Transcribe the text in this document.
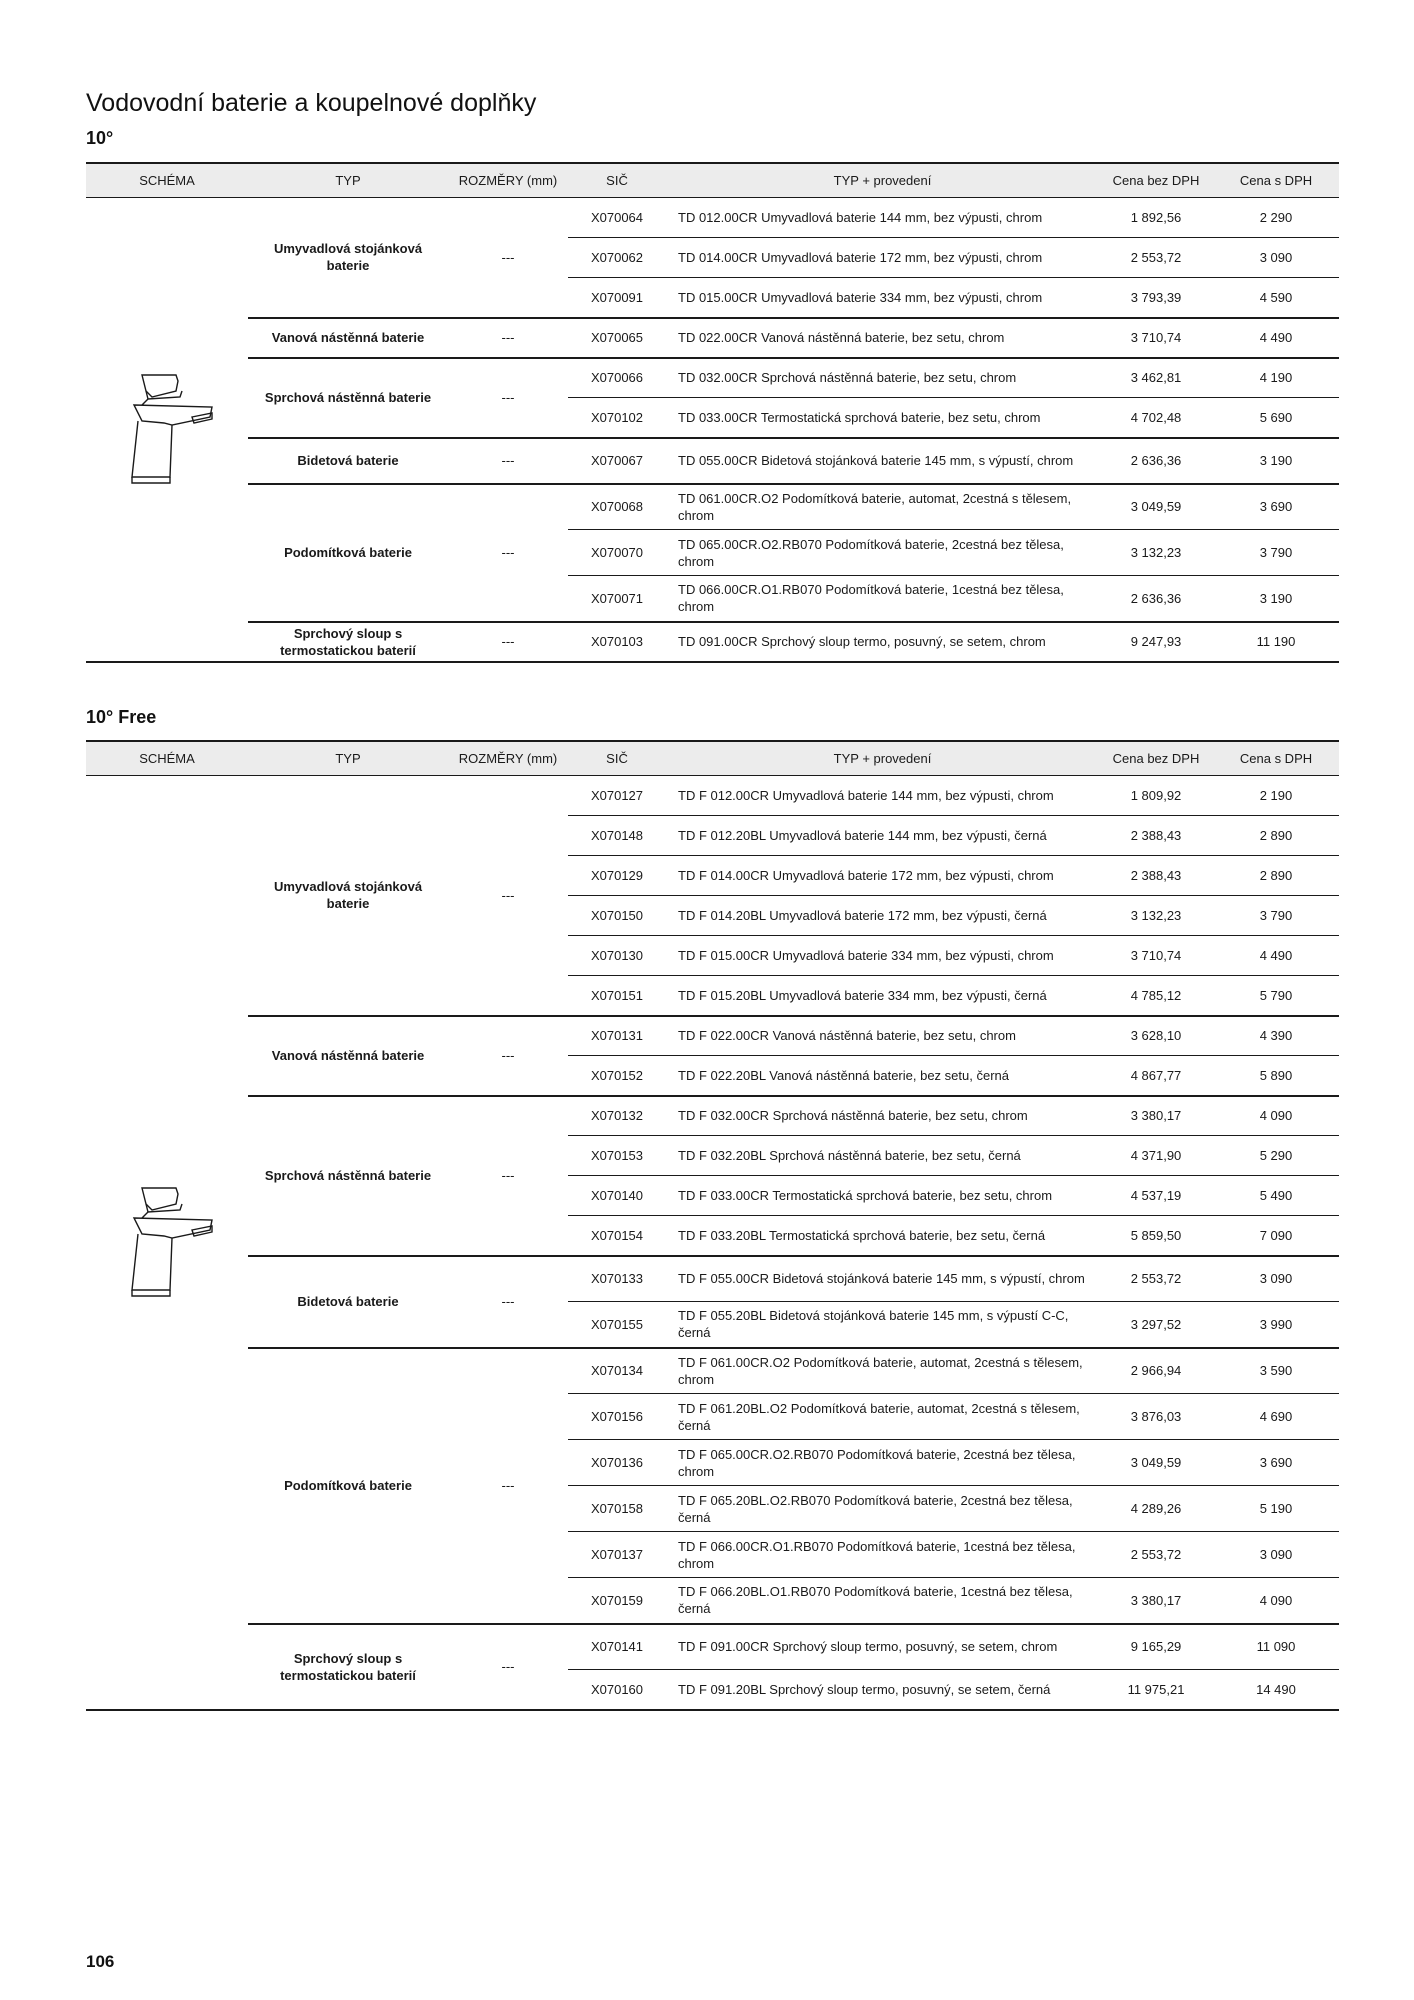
Vodovodní baterie a koupelnové doplňky
10°
SCHÉMA	TYP	ROZMĚRY (mm)	SIČ	TYP + provedení	Cena bez DPH	Cena s DPH
	Umyvadlová stojánková baterie	---	X070064	TD 012.00CR Umyvadlová baterie 144 mm, bez výpusti, chrom	1 892,56	2 290
			X070062	TD 014.00CR Umyvadlová baterie 172 mm, bez výpusti, chrom	2 553,72	3 090
			X070091	TD 015.00CR Umyvadlová baterie 334 mm, bez výpusti, chrom	3 793,39	4 590
	Vanová nástěnná baterie	---	X070065	TD 022.00CR Vanová nástěnná baterie, bez setu, chrom	3 710,74	4 490
	Sprchová nástěnná baterie	---	X070066	TD 032.00CR Sprchová nástěnná baterie, bez setu, chrom	3 462,81	4 190
			X070102	TD 033.00CR Termostatická sprchová baterie, bez setu, chrom	4 702,48	5 690
	Bidetová baterie	---	X070067	TD 055.00CR Bidetová stojánková baterie 145 mm, s výpustí, chrom	2 636,36	3 190
	Podomítková baterie	---	X070068	TD 061.00CR.O2 Podomítková baterie, automat, 2cestná s tělesem, chrom	3 049,59	3 690
			X070070	TD 065.00CR.O2.RB070 Podomítková baterie, 2cestná bez tělesa, chrom	3 132,23	3 790
			X070071	TD 066.00CR.O1.RB070 Podomítková baterie, 1cestná bez tělesa, chrom	2 636,36	3 190
	Sprchový sloup s termostatickou baterií	---	X070103	TD 091.00CR Sprchový sloup termo, posuvný, se setem, chrom	9 247,93	11 190
10° Free
SCHÉMA	TYP	ROZMĚRY (mm)	SIČ	TYP + provedení	Cena bez DPH	Cena s DPH
	Umyvadlová stojánková baterie	---	X070127	TD F 012.00CR Umyvadlová baterie 144 mm, bez výpusti, chrom	1 809,92	2 190
			X070148	TD F 012.20BL Umyvadlová baterie 144 mm, bez výpusti, černá	2 388,43	2 890
			X070129	TD F 014.00CR Umyvadlová baterie 172 mm, bez výpusti, chrom	2 388,43	2 890
			X070150	TD F 014.20BL Umyvadlová baterie 172 mm, bez výpusti, černá	3 132,23	3 790
			X070130	TD F 015.00CR Umyvadlová baterie 334 mm, bez výpusti, chrom	3 710,74	4 490
			X070151	TD F 015.20BL Umyvadlová baterie 334 mm, bez výpusti, černá	4 785,12	5 790
	Vanová nástěnná baterie	---	X070131	TD F 022.00CR Vanová nástěnná baterie, bez setu, chrom	3 628,10	4 390
			X070152	TD F 022.20BL Vanová nástěnná baterie, bez setu, černá	4 867,77	5 890
	Sprchová nástěnná baterie	---	X070132	TD F 032.00CR Sprchová nástěnná baterie, bez setu, chrom	3 380,17	4 090
			X070153	TD F 032.20BL Sprchová nástěnná baterie, bez setu, černá	4 371,90	5 290
			X070140	TD F 033.00CR Termostatická sprchová baterie, bez setu, chrom	4 537,19	5 490
			X070154	TD F 033.20BL Termostatická sprchová baterie, bez setu, černá	5 859,50	7 090
	Bidetová baterie	---	X070133	TD F 055.00CR Bidetová stojánková baterie 145 mm, s výpustí, chrom	2 553,72	3 090
			X070155	TD F 055.20BL Bidetová stojánková baterie 145 mm, s výpustí C-C, černá	3 297,52	3 990
	Podomítková baterie	---	X070134	TD F 061.00CR.O2 Podomítková baterie, automat, 2cestná s tělesem, chrom	2 966,94	3 590
			X070156	TD F 061.20BL.O2 Podomítková baterie, automat, 2cestná s tělesem, černá	3 876,03	4 690
			X070136	TD F 065.00CR.O2.RB070 Podomítková baterie, 2cestná bez tělesa, chrom	3 049,59	3 690
			X070158	TD F 065.20BL.O2.RB070 Podomítková baterie, 2cestná bez tělesa, černá	4 289,26	5 190
			X070137	TD F 066.00CR.O1.RB070 Podomítková baterie, 1cestná bez tělesa, chrom	2 553,72	3 090
			X070159	TD F 066.20BL.O1.RB070 Podomítková baterie, 1cestná bez tělesa, černá	3 380,17	4 090
	Sprchový sloup s termostatickou baterií	---	X070141	TD F 091.00CR Sprchový sloup termo, posuvný, se setem, chrom	9 165,29	11 090
			X070160	TD F 091.20BL Sprchový sloup termo, posuvný, se setem, černá	11 975,21	14 490
106
